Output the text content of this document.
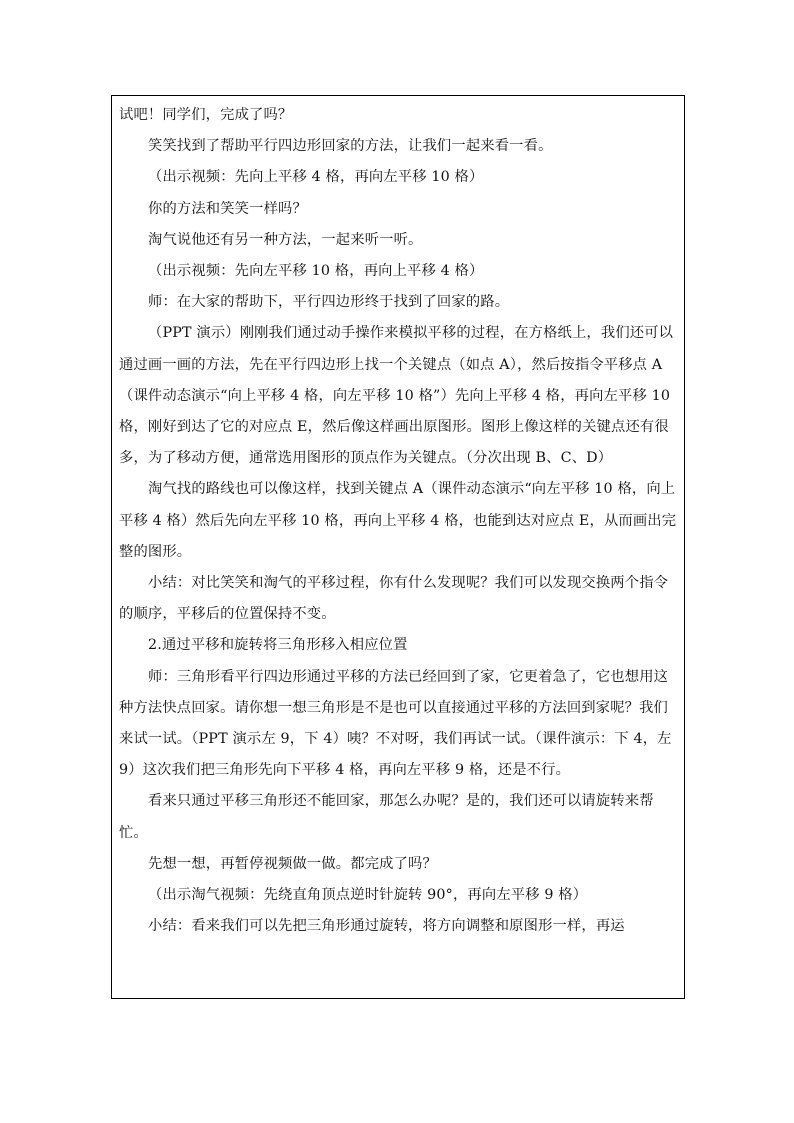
试吧！同学们，完成了吗？

笑笑找到了帮助平行四边形回家的方法，让我们一起来看一看。

（出示视频：先向上平移 4 格，再向左平移 10 格）

你的方法和笑笑一样吗？

淘气说他还有另一种方法，一起来听一听。

（出示视频：先向左平移 10 格，再向上平移 4 格）

师：在大家的帮助下，平行四边形终于找到了回家的路。

（PPT 演示）刚刚我们通过动手操作来模拟平移的过程，在方格纸上，我们还可以通过画一画的方法，先在平行四边形上找一个关键点（如点 A），然后按指令平移点 A（课件动态演示“向上平移 4 格，向左平移 10 格”）先向上平移 4 格，再向左平移 10 格，刚好到达了它的对应点 E，然后像这样画出原图形。图形上像这样的关键点还有很多，为了移动方便，通常选用图形的顶点作为关键点。（分次出现 B、C、D）

淘气找的路线也可以像这样，找到关键点 A（课件动态演示“向左平移 10 格，向上平移 4 格）然后先向左平移 10 格，再向上平移 4 格，也能到达对应点 E，从而画出完整的图形。

小结：对比笑笑和淘气的平移过程，你有什么发现呢？我们可以发现交换两个指令的顺序，平移后的位置保持不变。

2.通过平移和旋转将三角形移入相应位置

师：三角形看平行四边形通过平移的方法已经回到了家，它更着急了，它也想用这种方法快点回家。请你想一想三角形是不是也可以直接通过平移的方法回到家呢？我们来试一试。（PPT 演示左 9，下 4）咦？不对呀，我们再试一试。（课件演示：下 4，左 9）这次我们把三角形先向下平移 4 格，再向左平移 9 格，还是不行。

看来只通过平移三角形还不能回家，那怎么办呢？是的，我们还可以请旋转来帮忙。

先想一想，再暂停视频做一做。都完成了吗？

（出示淘气视频：先绕直角顶点逆时针旋转 90°，再向左平移 9 格）

小结：看来我们可以先把三角形通过旋转，将方向调整和原图形一样，再运
